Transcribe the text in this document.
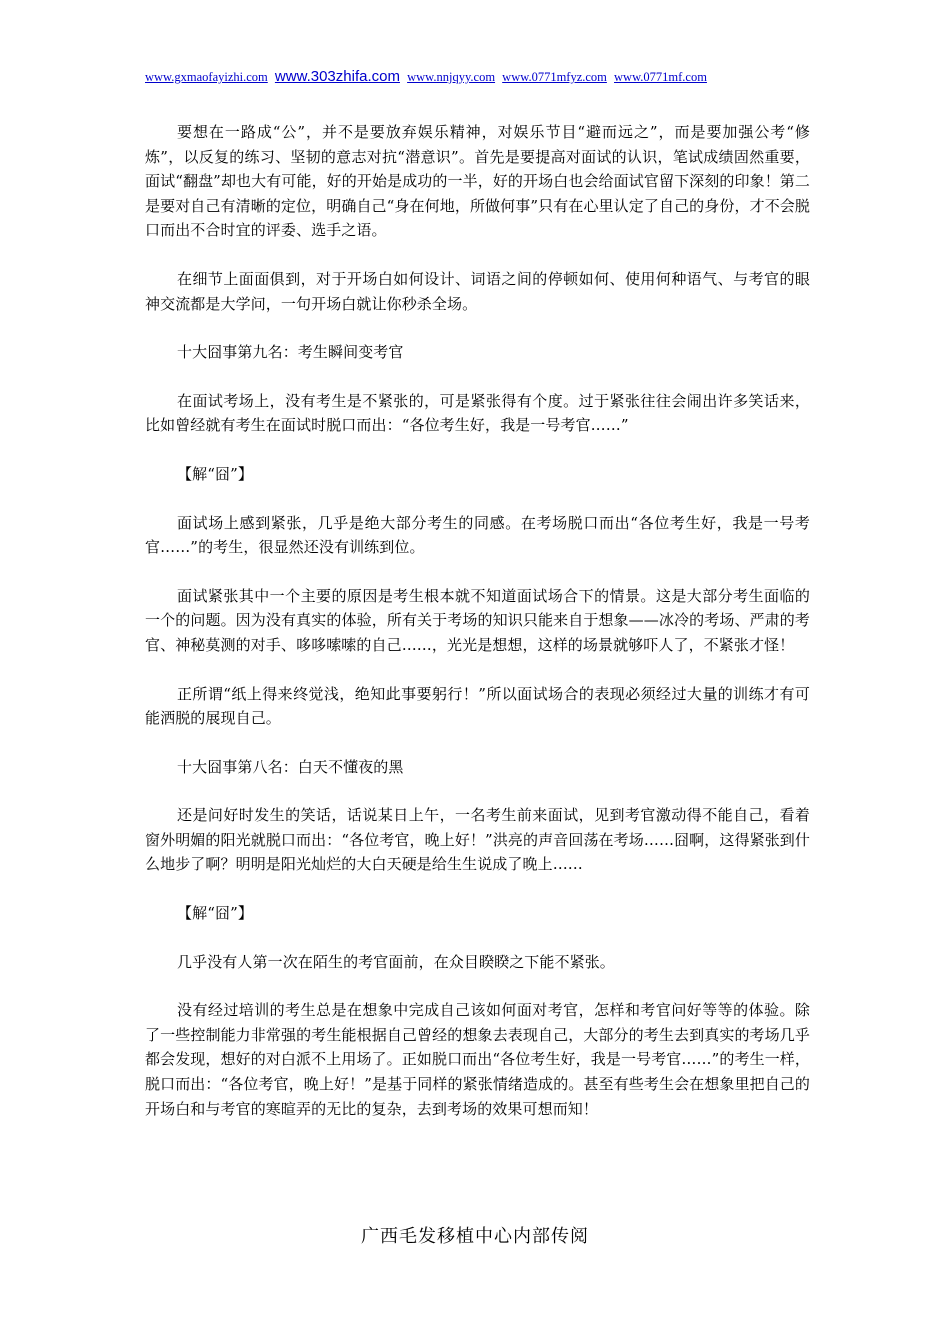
www.gxmaofayizhi.com www.303zhifa.com www.nnjqyy.com www.0771mfyz.com www.0771mf.com

要想在一路成“公”，并不是要放弃娱乐精神，对娱乐节目“避而远之”，而是要加强公考“修炼”，以反复的练习、坚韧的意志对抗“潜意识”。首先是要提高对面试的认识，笔试成绩固然重要，面试“翻盘”却也大有可能，好的开始是成功的一半，好的开场白也会给面试官留下深刻的印象！第二是要对自己有清晰的定位，明确自己“身在何地，所做何事”只有在心里认定了自己的身份，才不会脱口而出不合时宜的评委、选手之语。

在细节上面面俱到，对于开场白如何设计、词语之间的停顿如何、使用何种语气、与考官的眼神交流都是大学问，一句开场白就让你秒杀全场。

十大囧事第九名：考生瞬间变考官

在面试考场上，没有考生是不紧张的，可是紧张得有个度。过于紧张往往会闹出许多笑话来，比如曾经就有考生在面试时脱口而出：“各位考生好，我是一号考官……”

【解“囧”】

面试场上感到紧张，几乎是绝大部分考生的同感。在考场脱口而出“各位考生好，我是一号考官……”的考生，很显然还没有训练到位。

面试紧张其中一个主要的原因是考生根本就不知道面试场合下的情景。这是大部分考生面临的一个的问题。因为没有真实的体验，所有关于考场的知识只能来自于想象——冰冷的考场、严肃的考官、神秘莫测的对手、哆哆嗦嗦的自己……，光光是想想，这样的场景就够吓人了，不紧张才怪！

正所谓“纸上得来终觉浅，绝知此事要躬行！”所以面试场合的表现必须经过大量的训练才有可能洒脱的展现自己。

十大囧事第八名：白天不懂夜的黑

还是问好时发生的笑话，话说某日上午，一名考生前来面试，见到考官激动得不能自己，看着窗外明媚的阳光就脱口而出：“各位考官，晚上好！”洪亮的声音回荡在考场……囧啊，这得紧张到什么地步了啊？明明是阳光灿烂的大白天硬是给生生说成了晚上……

【解“囧”】

几乎没有人第一次在陌生的考官面前，在众目睽睽之下能不紧张。

没有经过培训的考生总是在想象中完成自己该如何面对考官，怎样和考官问好等等的体验。除了一些控制能力非常强的考生能根据自己曾经的想象去表现自己，大部分的考生去到真实的考场几乎都会发现，想好的对白派不上用场了。正如脱口而出“各位考生好，我是一号考官……”的考生一样，脱口而出：“各位考官，晚上好！”是基于同样的紧张情绪造成的。甚至有些考生会在想象里把自己的开场白和与考官的寒暄弄的无比的复杂，去到考场的效果可想而知！

广西毛发移植中心内部传阅
